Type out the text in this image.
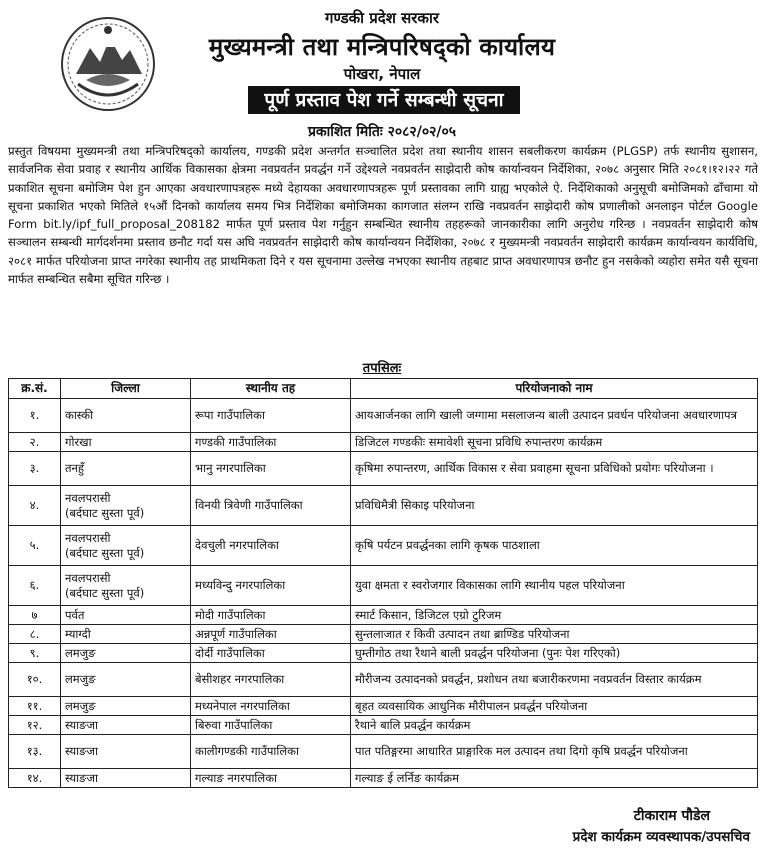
गण्डकी प्रदेश सरकार
मुख्यमन्त्री तथा मन्त्रिपरिषद्को कार्यालय
पोखरा, नेपाल
पूर्ण प्रस्ताव पेश गर्ने सम्बन्धी सूचना
प्रकाशित मितिः २०८२/०२/०५

प्रस्तुत विषयमा मुख्यमन्त्री तथा मन्त्रिपरिषद्को कार्यालय, गण्डकी प्रदेश अन्तर्गत सञ्चालित प्रदेश तथा स्थानीय शासन सबलीकरण कार्यक्रम (PLGSP) तर्फ स्थानीय सुशासन, सार्वजनिक सेवा प्रवाह र स्थानीय आर्थिक विकासका क्षेत्रमा नवप्रवर्तन प्रवर्द्धन गर्ने उद्देश्यले नवप्रवर्तन साझेदारी कोष कार्यान्वयन निर्देशिका, २०७८ अनुसार मिति २०८१।१२।२२ गते प्रकाशित सूचना बमोजिम पेश हुन आएका अवधारणापत्रहरू मध्ये देहायका अवधारणापत्रहरू पूर्ण प्रस्तावका लागि ग्राह्य भएकोले ऐ. निर्देशिकाको अनुसूची बमोजिमको ढाँचामा यो सूचना प्रकाशित भएको मितिले १५औं दिनको कार्यालय समय भित्र निर्देशिका बमोजिमका कागजात संलग्न राखि नवप्रवर्तन साझेदारी कोष प्रणालीको अनलाइन पोर्टल Google Form bit.ly/ipf_full_proposal_208182 मार्फत पूर्ण प्रस्ताव पेश गर्नुहुन सम्बन्धित स्थानीय तहहरूको जानकारीका लागि अनुरोध गरिन्छ । नवप्रवर्तन साझेदारी कोष सञ्चालन सम्बन्धी मार्गदर्शनमा प्रस्ताव छनौट गर्दा यस अघि नवप्रवर्तन साझेदारी कोष कार्यान्वयन निर्देशिका, २०७८ र मुख्यमन्त्री नवप्रवर्तन साझेदारी कार्यक्रम कार्यान्वयन कार्यविधि, २०८१ मार्फत परियोजना प्राप्त नगरेका स्थानीय तह प्राथमिकता दिने र यस सूचनामा उल्लेख नभएका स्थानीय तहबाट प्राप्त अवधारणापत्र छनौट हुन नसकेको व्यहोरा समेत यसै सूचना मार्फत सम्बन्धित सबैमा सूचित गरिन्छ ।

तपसिलः
क्र.सं.	जिल्ला	स्थानीय तह	परियोजनाको नाम
१.	कास्की	रूपा गाउँपालिका	आयआर्जनका लागि खाली जग्गामा मसलाजन्य बाली उत्पादन प्रवर्धन परियोजना अवधारणापत्र
२.	गोरखा	गण्डकी गाउँपालिका	डिजिटल गण्डकीः समावेशी सूचना प्रविधि रुपान्तरण कार्यक्रम
३.	तनहुँ	भानु नगरपालिका	कृषिमा रुपान्तरण, आर्थिक विकास र सेवा प्रवाहमा सूचना प्रविधिको प्रयोगः परियोजना ।
४.	नवलपरासी
(बर्दघाट सुस्ता पूर्व)	विनयी त्रिवेणी गाउँपालिका	प्रविधिमैत्री सिकाइ परियोजना
५.	नवलपरासी
(बर्दघाट सुस्ता पूर्व)	देवचुली नगरपालिका	कृषि पर्यटन प्रवर्द्धनका लागि कृषक पाठशाला
६.	नवलपरासी
(बर्दघाट सुस्ता पूर्व)	मध्यविन्दु नगरपालिका	युवा क्षमता र स्वरोजगार विकासका लागि स्थानीय पहल परियोजना
७	पर्वत	मोदी गाउँपालिका	स्मार्ट किसान, डिजिटल एग्रो टुरिजम
८.	म्याग्दी	अन्नपूर्ण गाउँपालिका	सुन्तलाजात र किवी उत्पादन तथा ब्राण्डिड परियोजना
९.	लमजुङ	दोर्दी गाउँपालिका	घुम्तीगोठ तथा रैथाने बाली प्रवर्द्धन परियोजना (पुनः पेश गरिएको)
१०.	लमजुङ	बेसीशहर नगरपालिका	मौरीजन्य उत्पादनको प्रवर्द्धन, प्रशोधन तथा बजारीकरणमा नवप्रवर्तन विस्तार कार्यक्रम
११.	लमजुङ	मध्यनेपाल नगरपालिका	बृहत व्यवसायिक आधुनिक मौरीपालन प्रवर्द्धन परियोजना
१२.	स्याङजा	बिरुवा गाउँपालिका	रैथाने बालि प्रवर्द्धन कार्यक्रम
१३.	स्याङजा	कालीगण्डकी गाउँपालिका	पात पतिङ्गरमा आधारित प्राङ्गारिक मल उत्पादन तथा दिगो कृषि प्रवर्द्धन परियोजना
१४.	स्याङजा	गल्याङ नगरपालिका	गल्याङ ई लर्निङ कार्यक्रम
टीकाराम पौडेल
प्रदेश कार्यक्रम व्यवस्थापक/उपसचिव
